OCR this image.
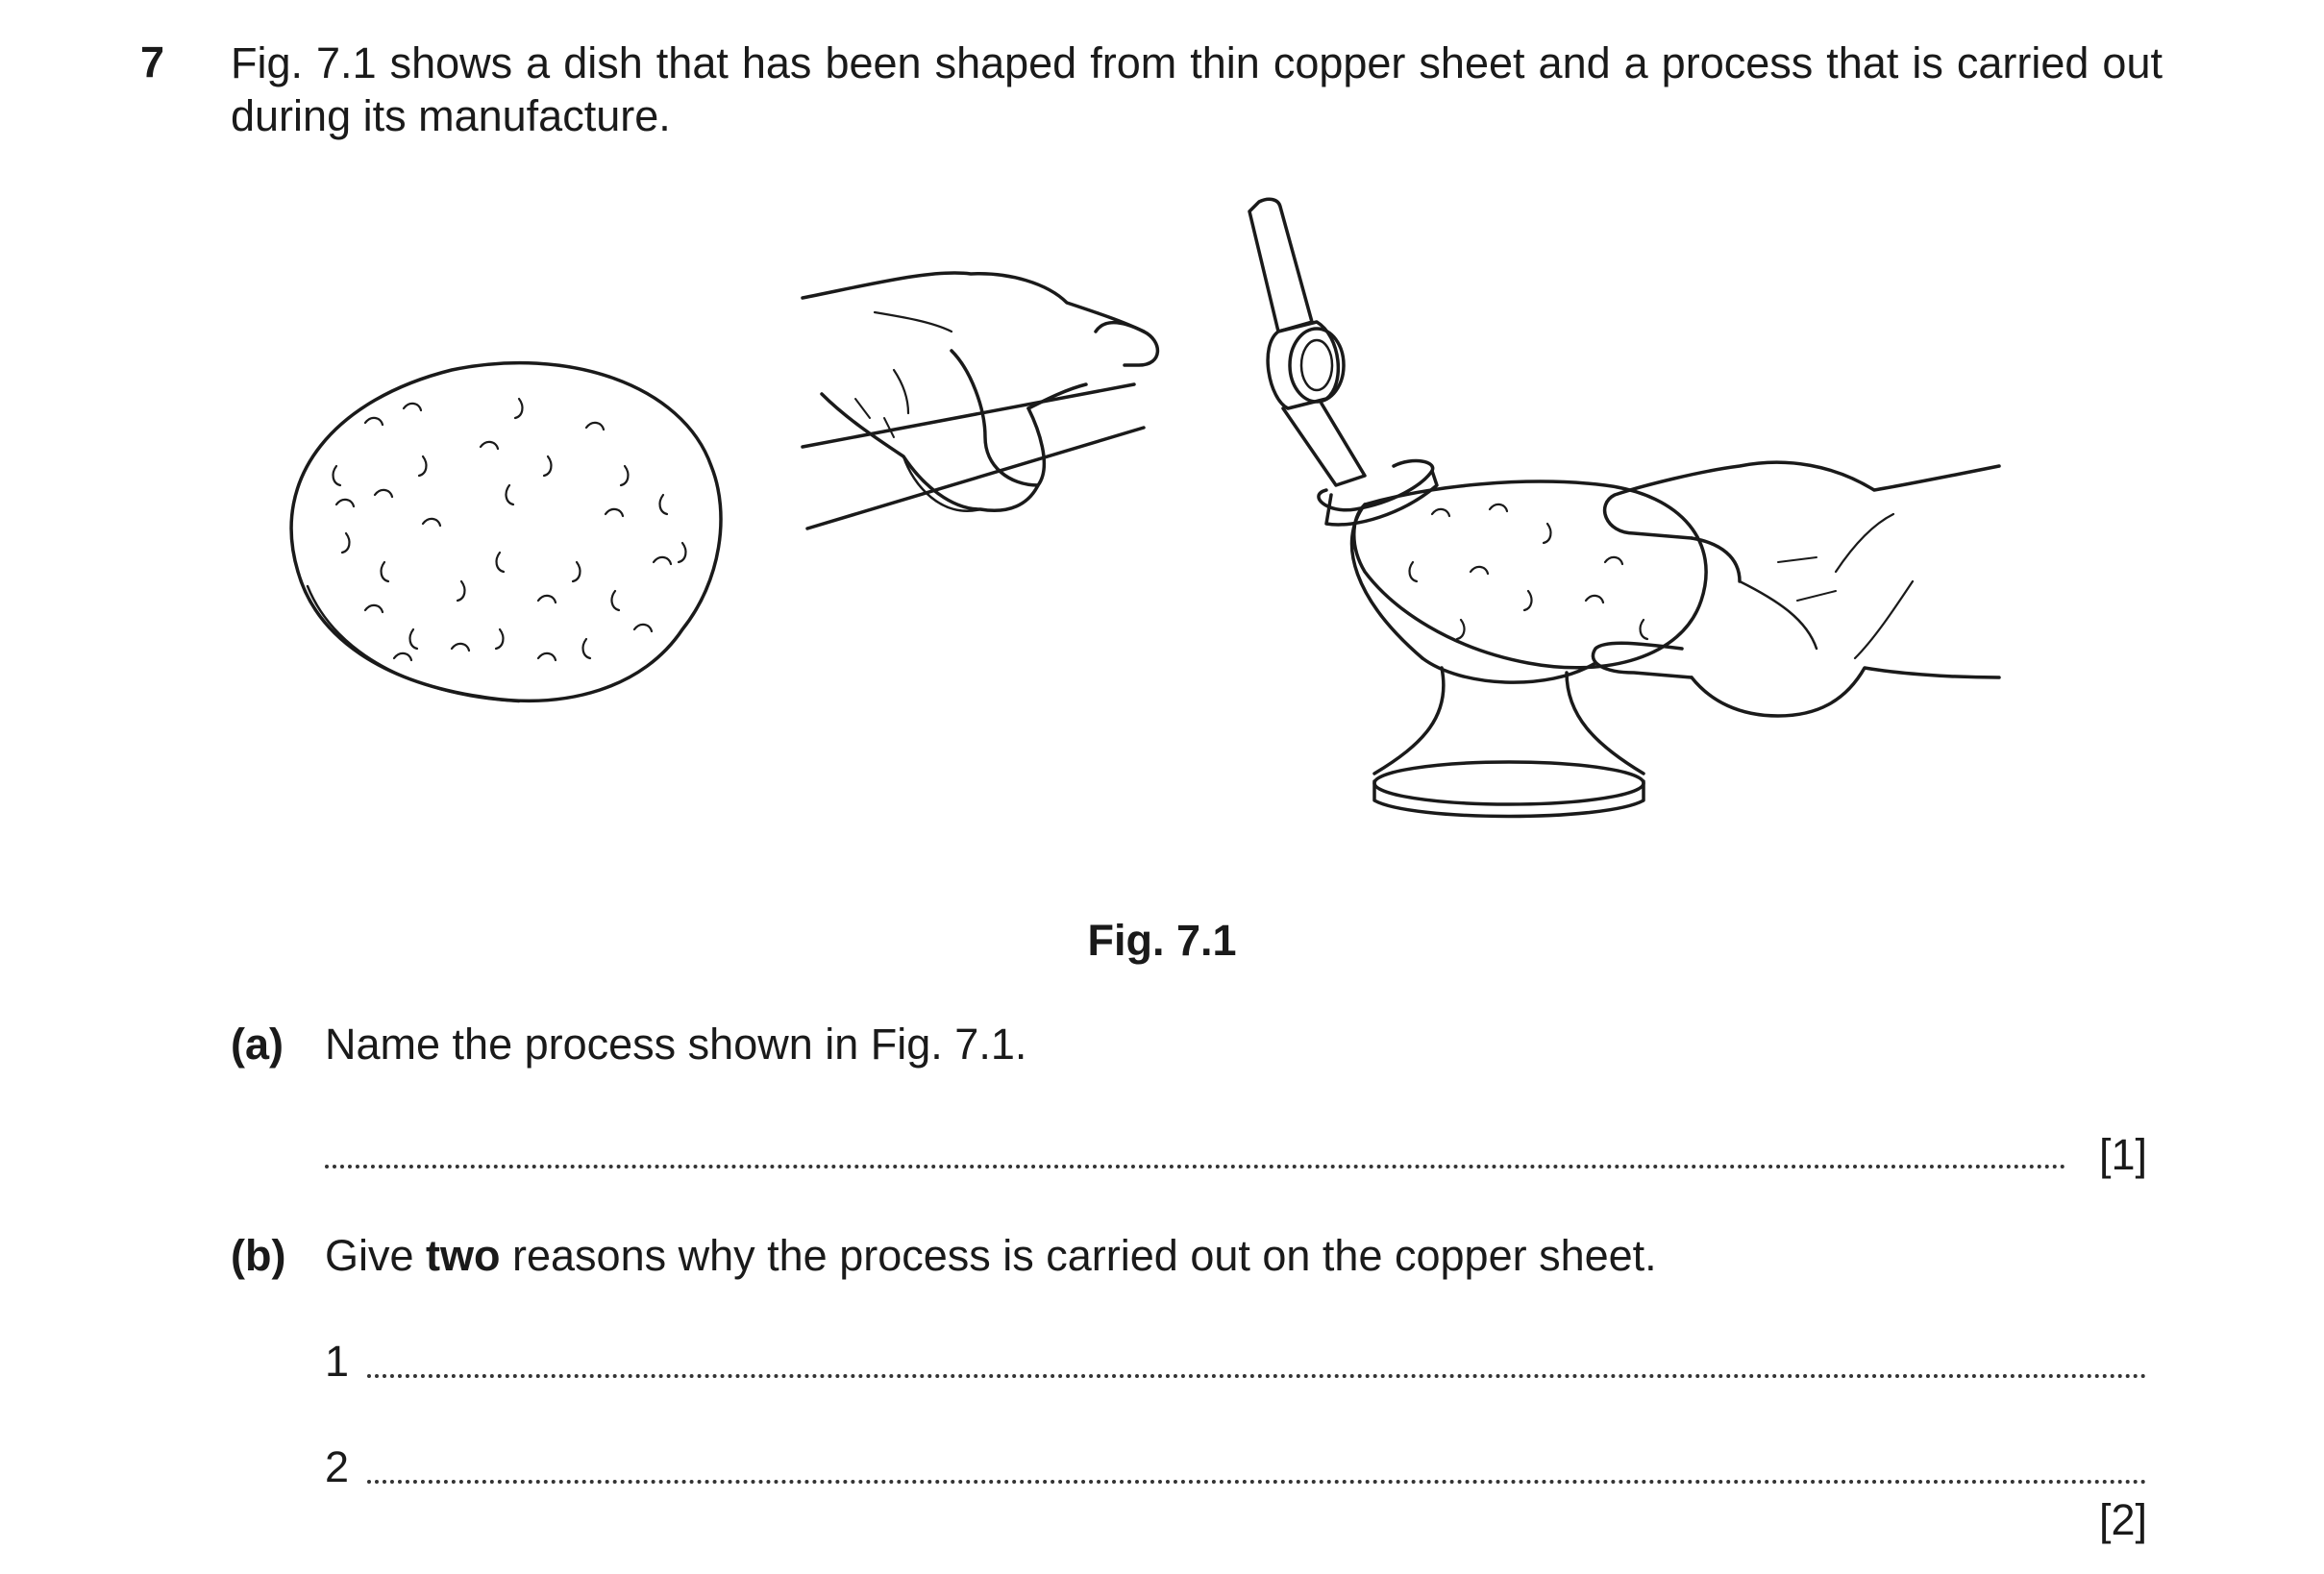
7 Fig. 7.1 shows a dish that has been shaped from thin copper sheet and a process that is carried out during its manufacture.
Fig. 7.1
(a) Name the process shown in Fig. 7.1.
[1]
(b) Give two reasons why the process is carried out on the copper sheet.
1
2
[2]
